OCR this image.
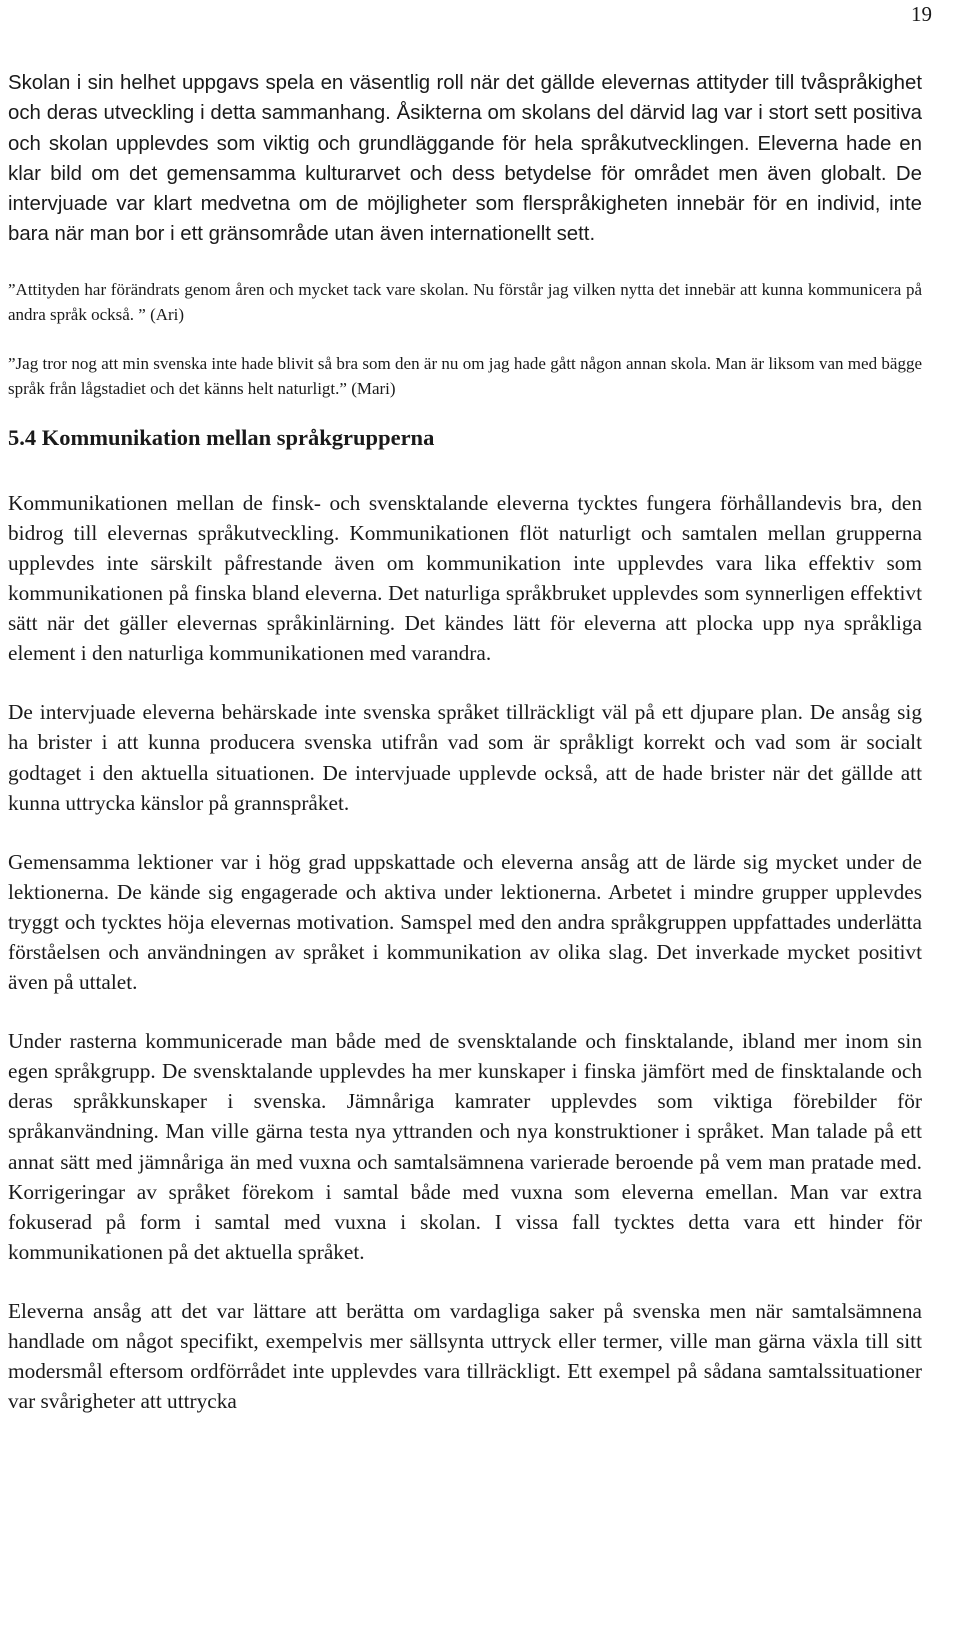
19

Skolan i sin helhet uppgavs spela en väsentlig roll när det gällde elevernas attityder till tvåspråkighet och deras utveckling i detta sammanhang. Åsikterna om skolans del därvid lag var i stort sett positiva och skolan upplevdes som viktig och grundläggande för hela språkutvecklingen. Eleverna hade en klar bild om det gemensamma kulturarvet och dess betydelse för området men även globalt. De intervjuade var klart medvetna om de möjligheter som flerspråkigheten innebär för en individ, inte bara när man bor i ett gränsområde utan även internationellt sett.

”Attityden har förändrats genom åren och mycket tack vare skolan. Nu förstår jag vilken nytta det innebär att kunna kommunicera på andra språk också. ” (Ari)

”Jag tror nog att min svenska inte hade blivit så bra som den är nu om jag hade gått någon annan skola. Man är liksom van med bägge språk från lågstadiet och det känns helt naturligt.” (Mari)

5.4 Kommunikation mellan språkgrupperna

Kommunikationen mellan de finsk- och svensktalande eleverna tycktes fungera förhållandevis bra, den bidrog till elevernas språkutveckling. Kommunikationen flöt naturligt och samtalen mellan grupperna upplevdes inte särskilt påfrestande även om kommunikation inte upplevdes vara lika effektiv som kommunikationen på finska bland eleverna. Det naturliga språkbruket upplevdes som synnerligen effektivt sätt när det gäller elevernas språkinlärning. Det kändes lätt för eleverna att plocka upp nya språkliga element i den naturliga kommunikationen med varandra.

De intervjuade eleverna behärskade inte svenska språket tillräckligt väl på ett djupare plan. De ansåg sig ha brister i att kunna producera svenska utifrån vad som är språkligt korrekt och vad som är socialt godtaget i den aktuella situationen. De intervjuade upplevde också, att de hade brister när det gällde att kunna uttrycka känslor på grannspråket.

Gemensamma lektioner var i hög grad uppskattade och eleverna ansåg att de lärde sig mycket under de lektionerna. De kände sig engagerade och aktiva under lektionerna. Arbetet i mindre grupper upplevdes tryggt och tycktes höja elevernas motivation. Samspel med den andra språkgruppen uppfattades underlätta förståelsen och användningen av språket i kommunikation av olika slag. Det inverkade mycket positivt även på uttalet.

Under rasterna kommunicerade man både med de svensktalande och finsktalande, ibland mer inom sin egen språkgrupp. De svensktalande upplevdes ha mer kunskaper i finska jämfört med de finsktalande och deras språkkunskaper i svenska. Jämnåriga kamrater upplevdes som viktiga förebilder för språkanvändning. Man ville gärna testa nya yttranden och nya konstruktioner i språket. Man talade på ett annat sätt med jämnåriga än med vuxna och samtalsämnena varierade beroende på vem man pratade med. Korrigeringar av språket förekom i samtal både med vuxna som eleverna emellan. Man var extra fokuserad på form i samtal med vuxna i skolan. I vissa fall tycktes detta vara ett hinder för kommunikationen på det aktuella språket.

Eleverna ansåg att det var lättare att berätta om vardagliga saker på svenska men när samtalsämnena handlade om något specifikt, exempelvis mer sällsynta uttryck eller termer, ville man gärna växla till sitt modersmål eftersom ordförrådet inte upplevdes vara tillräckligt. Ett exempel på sådana samtalssituationer var svårigheter att uttrycka
